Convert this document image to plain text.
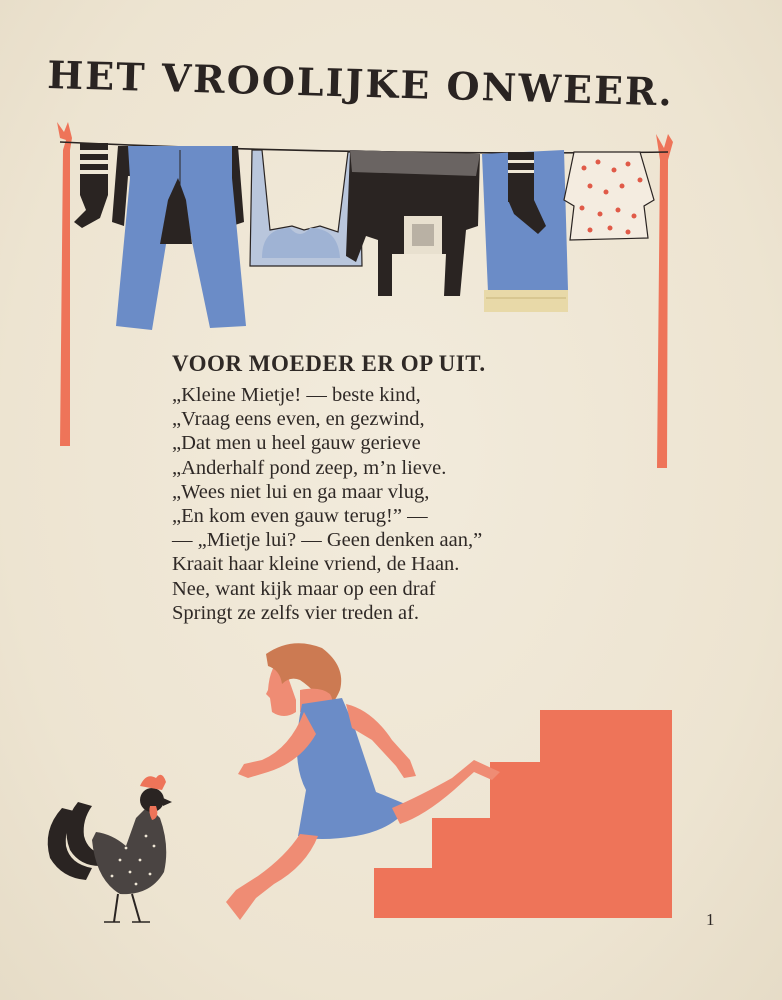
HET VROOLIJKE ONWEER.
VOOR MOEDER ER OP UIT.

„Kleine Mietje! — beste kind,
„Vraag eens even, en gezwind,
„Dat men u heel gauw gerieve
„Anderhalf pond zeep, m’n lieve.
„Wees niet lui en ga maar vlug,
„En kom even gauw terug!” —
— „Mietje lui? — Geen denken aan,”
Kraait haar kleine vriend, de Haan.
Nee, want kijk maar op een draf
Springt ze zelfs vier treden af.

1
